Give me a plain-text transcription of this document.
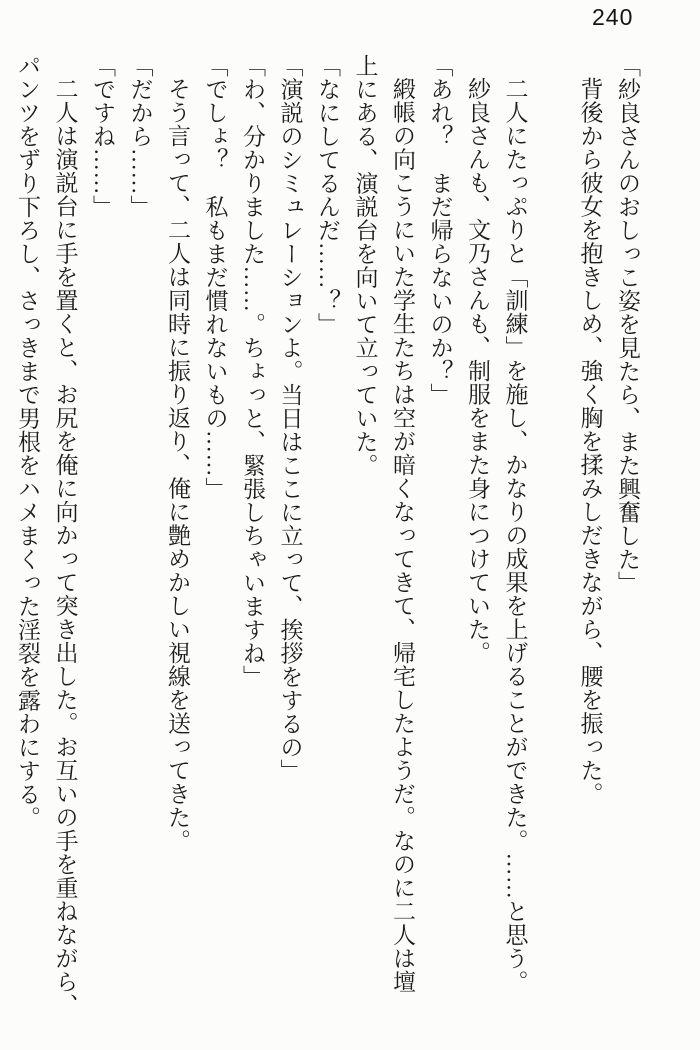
240

「紗良さんのおしっこ姿を見たら、また興奮した」

背後から彼女を抱きしめ、強く胸を揉みしだきながら、腰を振った。

二人にたっぷりと「訓練」を施し、かなりの成果を上げることができた。……と思う。

紗良さんも、文乃さんも、制服をまた身につけていた。

「あれ？　まだ帰らないのか？」

緞帳の向こうにいた学生たちは空が暗くなってきて、帰宅したようだ。なのに二人は壇

上にある、演説台を向いて立っていた。

「なにしてるんだ……？」

「演説のシミュレーションよ。当日はここに立って、挨拶をするの」

「わ、分かりました……。ちょっと、緊張しちゃいますね」

「でしょ？　私もまだ慣れないもの……」

そう言って、二人は同時に振り返り、俺に艶めかしい視線を送ってきた。

「だから……」

「ですね……」

二人は演説台に手を置くと、お尻を俺に向かって突き出した。お互いの手を重ねながら、

パンツをずり下ろし、さっきまで男根をハメまくった淫裂を露わにする。
